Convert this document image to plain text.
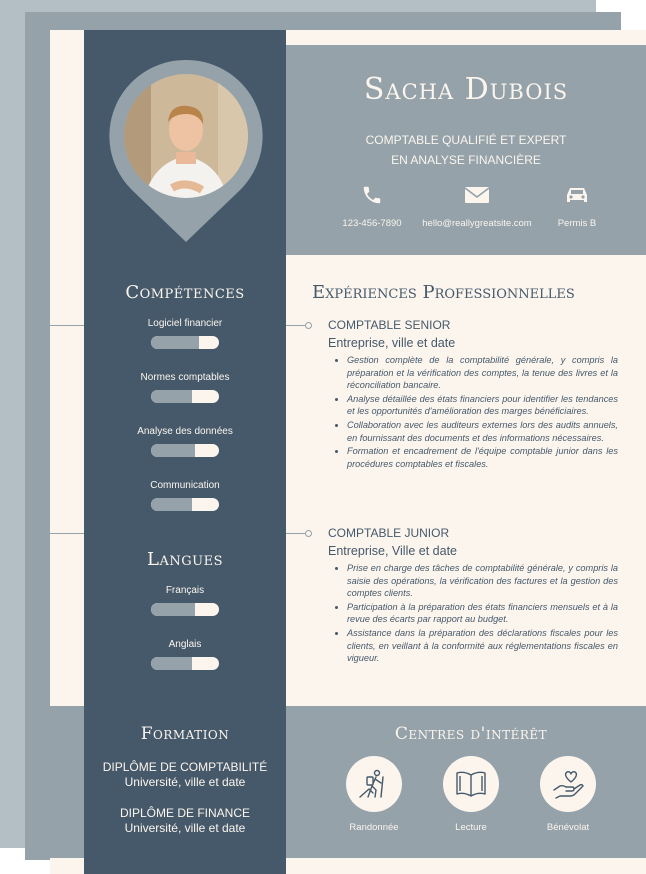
Sacha Dubois
COMPTABLE QUALIFIÉ ET EXPERT
EN ANALYSE FINANCIÈRE
123-456-7890	hello@reallygreatsite.com	Permis B
Compétences
Logiciel financier
Normes comptables
Analyse des données
Communication
Langues
Français
Anglais
Expériences Professionnelles
COMPTABLE SENIOR
Entreprise, ville et date
• Gestion complète de la comptabilité générale, y compris la préparation et la vérification des comptes, la tenue des livres et la réconciliation bancaire.
• Analyse détaillée des états financiers pour identifier les tendances et les opportunités d'amélioration des marges bénéficiaires.
• Collaboration avec les auditeurs externes lors des audits annuels, en fournissant des documents et des informations nécessaires.
• Formation et encadrement de l'équipe comptable junior dans les procédures comptables et fiscales.
COMPTABLE JUNIOR
Entreprise, Ville et date
• Prise en charge des tâches de comptabilité générale, y compris la saisie des opérations, la vérification des factures et la gestion des comptes clients.
• Participation à la préparation des états financiers mensuels et à la revue des écarts par rapport au budget.
• Assistance dans la préparation des déclarations fiscales pour les clients, en veillant à la conformité aux réglementations fiscales en vigueur.
Formation
DIPLÔME DE COMPTABILITÉ
Université, ville et date
DIPLÔME DE FINANCE
Université, ville et date
Centres d'intérêt
Randonnée	Lecture	Bénévolat
